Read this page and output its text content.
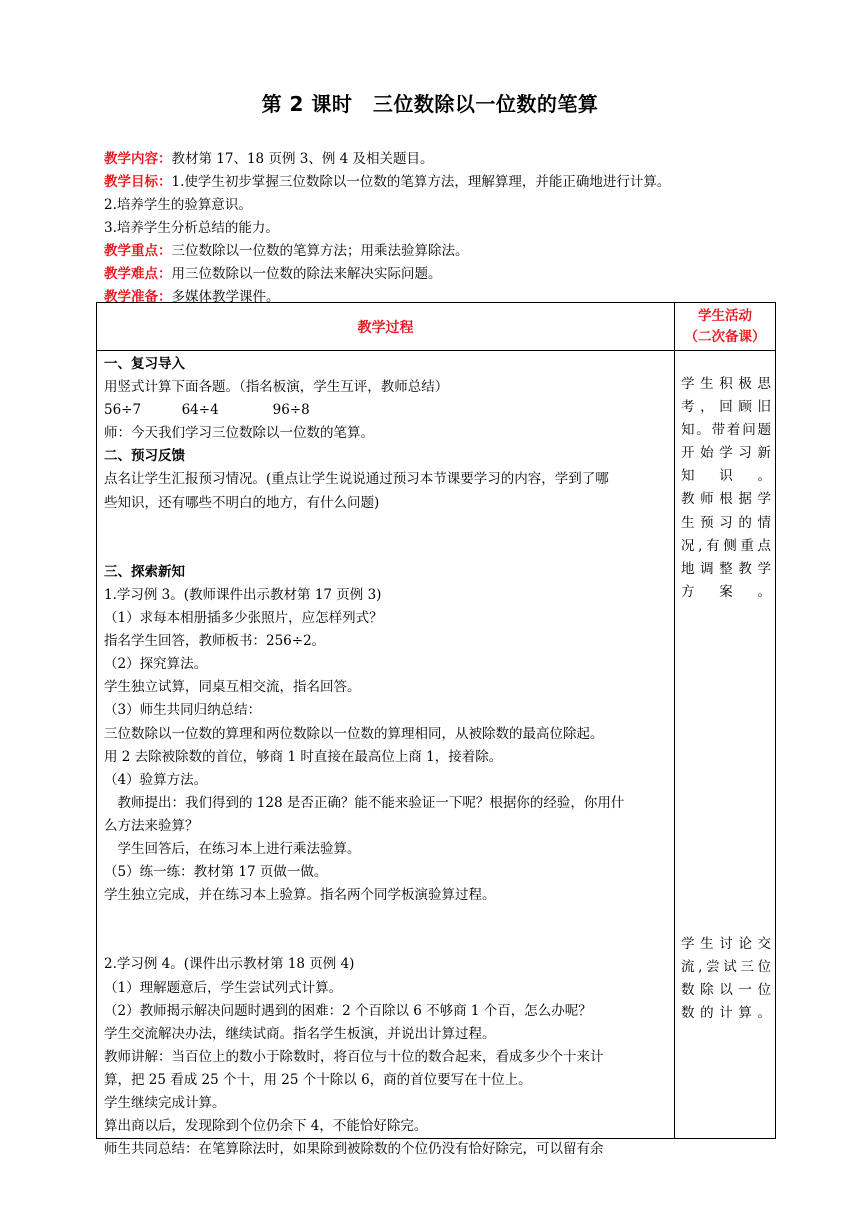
第 2 课时　三位数除以一位数的笔算
教学内容：教材第 17、18 页例 3、例 4 及相关题目。
教学目标：1.使学生初步掌握三位数除以一位数的笔算方法，理解算理，并能正确地进行计算。
2.培养学生的验算意识。
3.培养学生分析总结的能力。
教学重点：三位数除以一位数的笔算方法；用乘法验算除法。
教学难点：用三位数除以一位数的除法来解决实际问题。
教学准备：多媒体教学课件。
教学过程
学生活动
（二次备课）
一、复习导入
用竖式计算下面各题。（指名板演，学生互评，教师总结）
56÷7　　　64÷4　　　　96÷8
师：今天我们学习三位数除以一位数的笔算。
二、预习反馈
点名让学生汇报预习情况。(重点让学生说说通过预习本节课要学习的内容，学到了哪
些知识，还有哪些不明白的地方，有什么问题)
三、探索新知
1.学习例 3。(教师课件出示教材第 17 页例 3)
（1）求每本相册插多少张照片，应怎样列式？
指名学生回答，教师板书：256÷2。
（2）探究算法。
学生独立试算，同桌互相交流，指名回答。
（3）师生共同归纳总结：
三位数除以一位数的算理和两位数除以一位数的算理相同，从被除数的最高位除起。
用 2 去除被除数的首位，够商 1 时直接在最高位上商 1，接着除。
（4）验算方法。
　教师提出：我们得到的 128 是否正确？能不能来验证一下呢？根据你的经验，你用什
么方法来验算？
　学生回答后，在练习本上进行乘法验算。
（5）练一练：教材第 17 页做一做。
学生独立完成，并在练习本上验算。指名两个同学板演验算过程。
2.学习例 4。(课件出示教材第 18 页例 4)
（1）理解题意后，学生尝试列式计算。
（2）教师揭示解决问题时遇到的困难：2 个百除以 6 不够商 1 个百，怎么办呢？
学生交流解决办法，继续试商。指名学生板演，并说出计算过程。
教师讲解：当百位上的数小于除数时，将百位与十位的数合起来，看成多少个十来计
算，把 25 看成 25 个十，用 25 个十除以 6，商的首位要写在十位上。
学生继续完成计算。
算出商以后，发现除到个位仍余下 4，不能恰好除完。
师生共同总结：在笔算除法时，如果除到被除数的个位仍没有恰好除完，可以留有余
学生积极思
考，回顾旧
知。带着问题
开始学习新
知识。
教师根据学
生预习的情
况,有侧重点
地调整教学
方案。
学生讨论交
流,尝试三位
数除以一位
数的计算。
